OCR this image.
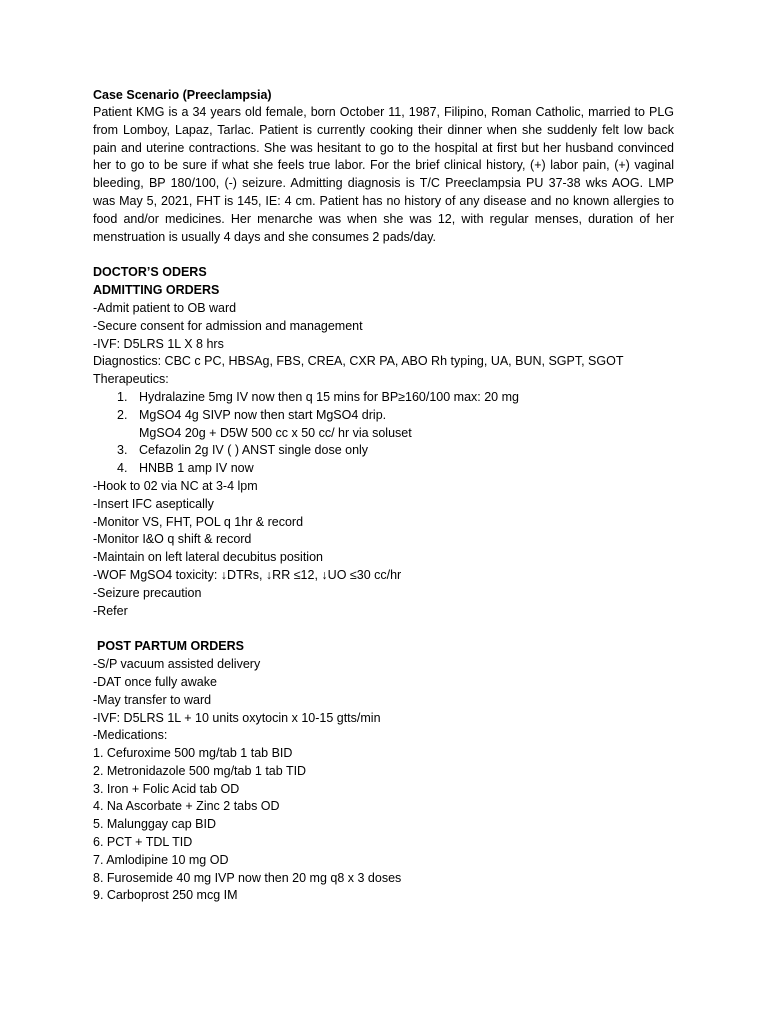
Case Scenario (Preeclampsia)

Patient KMG is a 34 years old female, born October 11, 1987, Filipino, Roman Catholic, married to PLG from Lomboy, Lapaz, Tarlac. Patient is currently cooking their dinner when she suddenly felt low back pain and uterine contractions. She was hesitant to go to the hospital at first but her husband convinced her to go to be sure if what she feels true labor. For the brief clinical history, (+) labor pain, (+) vaginal bleeding, BP 180/100, (-) seizure. Admitting diagnosis is T/C Preeclampsia PU 37-38 wks AOG. LMP was May 5, 2021, FHT is 145, IE: 4 cm. Patient has no history of any disease and no known allergies to food and/or medicines. Her menarche was when she was 12, with regular menses, duration of her menstruation is usually 4 days and she consumes 2 pads/day.

DOCTOR’S ODERS
ADMITTING ORDERS
-Admit patient to OB ward
-Secure consent for admission and management
-IVF: D5LRS 1L X 8 hrs
Diagnostics: CBC c PC, HBSAg, FBS, CREA, CXR PA, ABO Rh typing, UA, BUN, SGPT, SGOT
Therapeutics:
1. Hydralazine 5mg IV now then q 15 mins for BP≥160/100 max: 20 mg
2. MgSO4 4g SIVP now then start MgSO4 drip.
MgSO4 20g + D5W 500 cc x 50 cc/ hr via soluset
3. Cefazolin 2g IV ( ) ANST single dose only
4. HNBB 1 amp IV now
-Hook to 02 via NC at 3-4 lpm
-Insert IFC aseptically
-Monitor VS, FHT, POL q 1hr & record
-Monitor I&O q shift & record
-Maintain on left lateral decubitus position
-WOF MgSO4 toxicity: ↓DTRs, ↓RR ≤12, ↓UO ≤30 cc/hr
-Seizure precaution
-Refer
POST PARTUM ORDERS
-S/P vacuum assisted delivery
-DAT once fully awake
-May transfer to ward
-IVF: D5LRS 1L + 10 units oxytocin x 10-15 gtts/min
-Medications:
1. Cefuroxime 500 mg/tab 1 tab BID
2. Metronidazole 500 mg/tab 1 tab TID
3. Iron + Folic Acid tab OD
4. Na Ascorbate + Zinc 2 tabs OD
5. Malunggay cap BID
6. PCT + TDL TID
7. Amlodipine 10 mg OD
8. Furosemide 40 mg IVP now then 20 mg q8 x 3 doses
9. Carboprost 250 mcg IM
